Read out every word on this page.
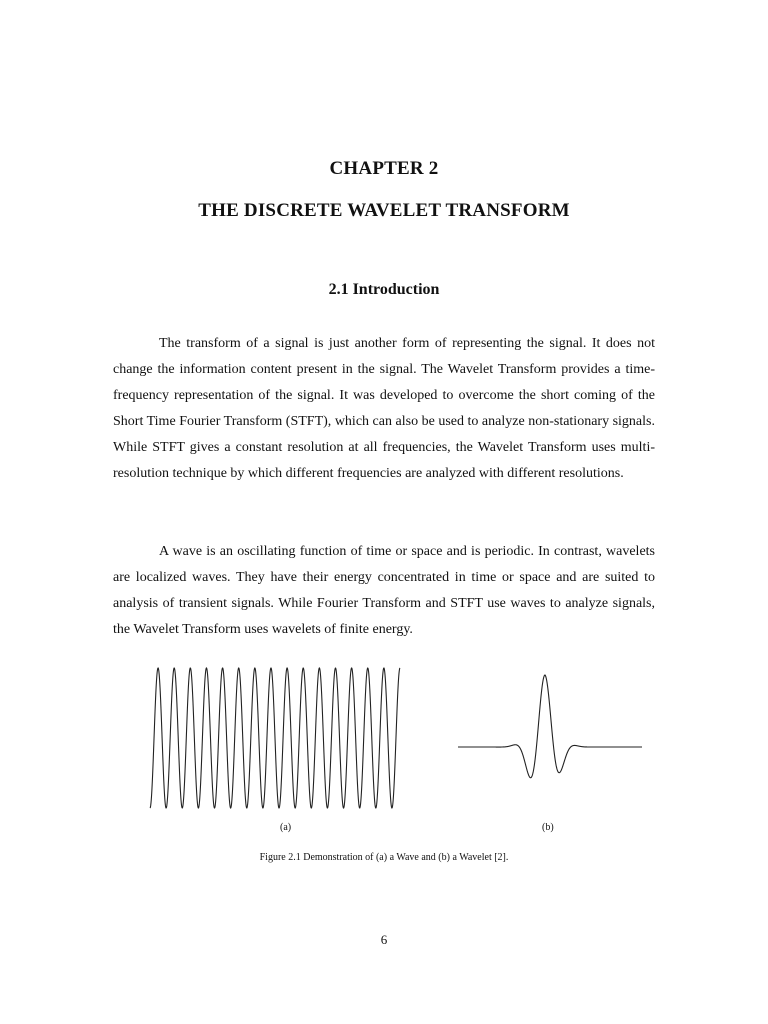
CHAPTER 2
THE DISCRETE WAVELET TRANSFORM
2.1 Introduction

The transform of a signal is just another form of representing the signal. It does not change the information content present in the signal. The Wavelet Transform provides a time-frequency representation of the signal. It was developed to overcome the short coming of the Short Time Fourier Transform (STFT), which can also be used to analyze non-stationary signals. While STFT gives a constant resolution at all frequencies, the Wavelet Transform uses multi-resolution technique by which different frequencies are analyzed with different resolutions.

A wave is an oscillating function of time or space and is periodic. In contrast, wavelets are localized waves. They have their energy concentrated in time or space and are suited to analysis of transient signals. While Fourier Transform and STFT use waves to analyze signals, the Wavelet Transform uses wavelets of finite energy.

(a)	(b)
Figure 2.1 Demonstration of (a) a Wave and (b) a Wavelet [2].
6
